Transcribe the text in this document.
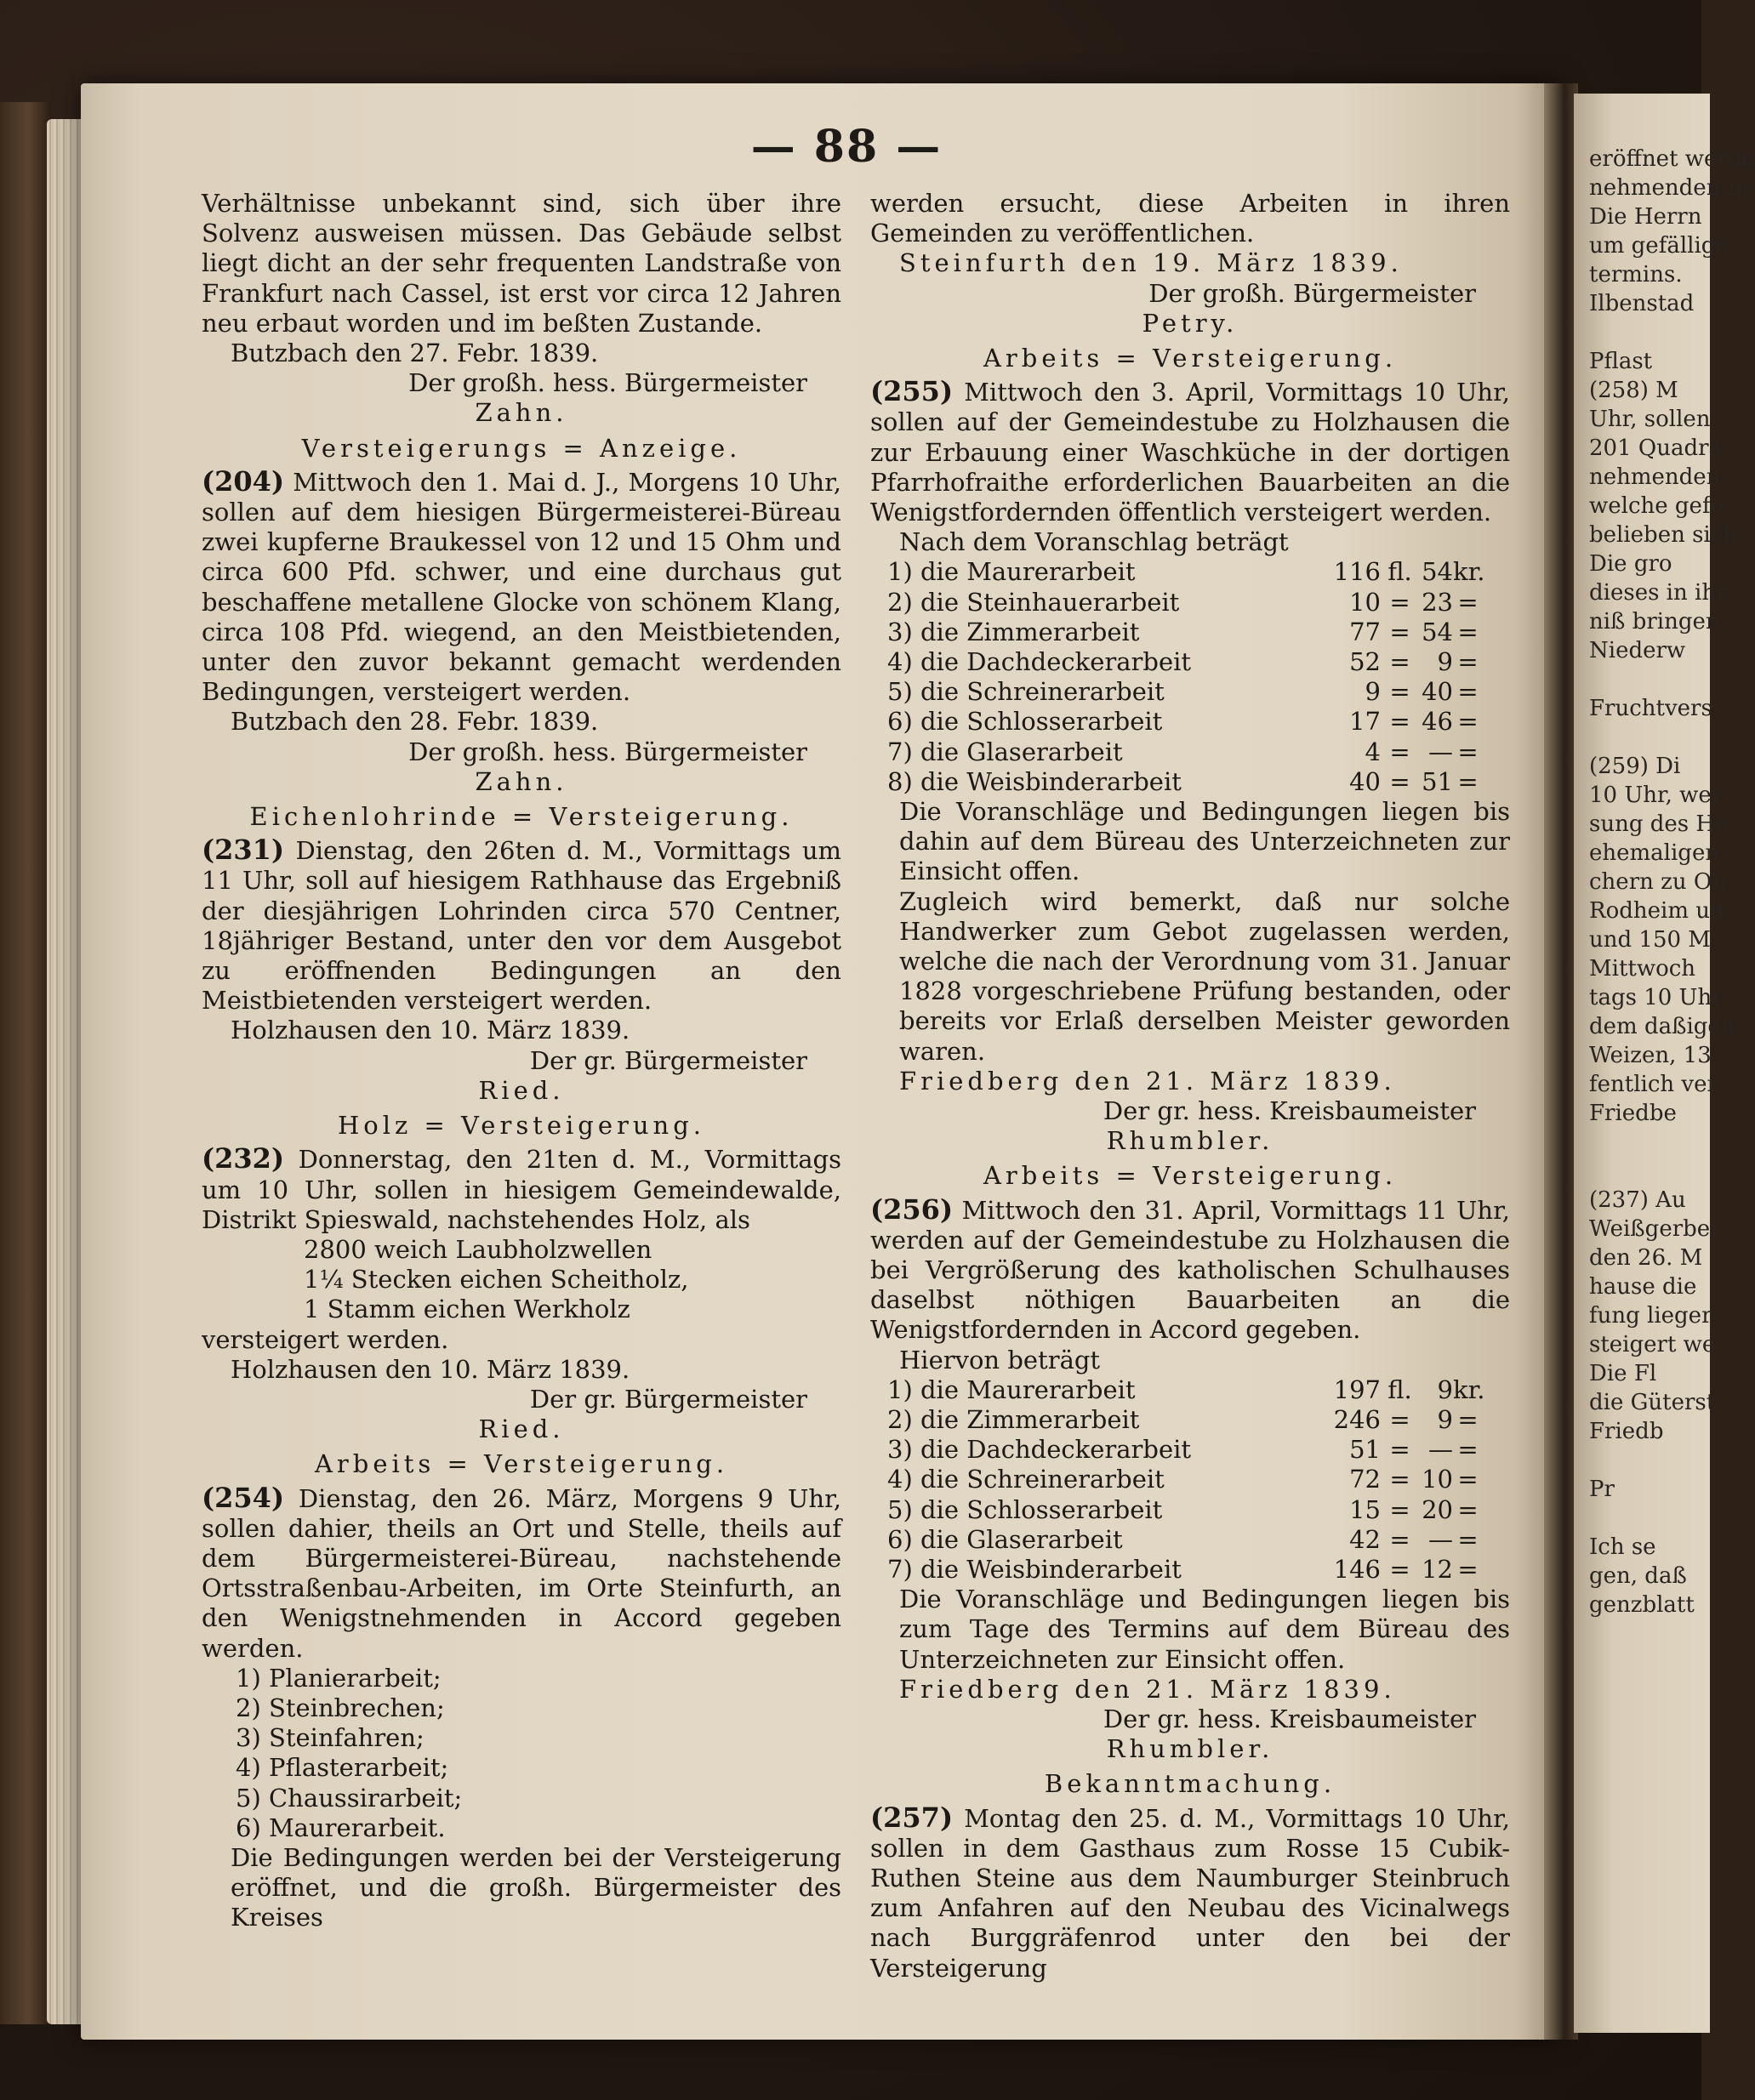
— 88 —

Verhältnisse unbekannt sind, sich über ihre Solvenz ausweisen müssen. Das Gebäude selbst liegt dicht an der sehr frequenten Landstraße von Frankfurt nach Cassel, ist erst vor circa 12 Jahren neu erbaut worden und im beßten Zustande.

Butzbach den 27. Febr. 1839.

Der großh. hess. Bürgermeister

Zahn.

Versteigerungs = Anzeige.

(204) Mittwoch den 1. Mai d. J., Morgens 10 Uhr, sollen auf dem hiesigen Bürgermeisterei-Büreau zwei kupferne Braukessel von 12 und 15 Ohm und circa 600 Pfd. schwer, und eine durchaus gut beschaffene metallene Glocke von schönem Klang, circa 108 Pfd. wiegend, an den Meistbietenden, unter den zuvor bekannt gemacht werdenden Bedingungen, versteigert werden.

Butzbach den 28. Febr. 1839.

Der großh. hess. Bürgermeister

Zahn.

Eichenlohrinde = Versteigerung.

(231) Dienstag, den 26ten d. M., Vormittags um 11 Uhr, soll auf hiesigem Rathhause das Ergebniß der diesjährigen Lohrinden circa 570 Centner, 18jähriger Bestand, unter den vor dem Ausgebot zu eröffnenden Bedingungen an den Meistbietenden versteigert werden.

Holzhausen den 10. März 1839.

Der gr. Bürgermeister

Ried.

Holz = Versteigerung.

(232) Donnerstag, den 21ten d. M., Vormittags um 10 Uhr, sollen in hiesigem Gemeindewalde, Distrikt Spieswald, nachstehendes Holz, als

2800 weich Laubholzwellen
1¼ Stecken eichen Scheitholz,
1 Stamm eichen Werkholz

versteigert werden.

Holzhausen den 10. März 1839.

Der gr. Bürgermeister

Ried.

Arbeits = Versteigerung.

(254) Dienstag, den 26. März, Morgens 9 Uhr, sollen dahier, theils an Ort und Stelle, theils auf dem Bürgermeisterei-Büreau, nachstehende Ortsstraßenbau-Arbeiten, im Orte Steinfurth, an den Wenigstnehmenden in Accord gegeben werden.

1) Planierarbeit;
2) Steinbrechen;
3) Steinfahren;
4) Pflasterarbeit;
5) Chaussirarbeit;
6) Maurerarbeit.

Die Bedingungen werden bei der Versteigerung eröffnet, und die großh. Bürgermeister des Kreises

werden ersucht, diese Arbeiten in ihren Gemeinden zu veröffentlichen.

Steinfurth den 19. März 1839.

Der großh. Bürgermeister

Petry.

Arbeits = Versteigerung.

(255) Mittwoch den 3. April, Vormittags 10 Uhr, sollen auf der Gemeindestube zu Holzhausen die zur Erbauung einer Waschküche in der dortigen Pfarrhofraithe erforderlichen Bauarbeiten an die Wenigstfordernden öffentlich versteigert werden.

Nach dem Voranschlag beträgt

1) die Maurerarbeit	116 fl. 54 kr.
2) die Steinhauerarbeit	10 = 23 =
3) die Zimmerarbeit	77 = 54 =
4) die Dachdeckerarbeit	52 =	9 =
5) die Schreinerarbeit	9 = 40 =
6) die Schlosserarbeit	17 = 46 =
7) die Glaserarbeit	4 = — =
8) die Weisbinderarbeit	40 = 51 =

Die Voranschläge und Bedingungen liegen bis dahin auf dem Büreau des Unterzeichneten zur Einsicht offen.

Zugleich wird bemerkt, daß nur solche Handwerker zum Gebot zugelassen werden, welche die nach der Verordnung vom 31. Januar 1828 vorgeschriebene Prüfung bestanden, oder bereits vor Erlaß derselben Meister geworden waren.

Friedberg den 21. März 1839.

Der gr. hess. Kreisbaumeister

Rhumbler.

Arbeits = Versteigerung.

(256) Mittwoch den 31. April, Vormittags 11 Uhr, werden auf der Gemeindestube zu Holzhausen die bei Vergrößerung des katholischen Schulhauses daselbst nöthigen Bauarbeiten an die Wenigstfordernden in Accord gegeben.

Hiervon beträgt

1) die Maurerarbeit	197 fl.	9 kr.
2) die Zimmerarbeit	246 =	9 =
3) die Dachdeckerarbeit	51 = — =
4) die Schreinerarbeit	72 = 10 =
5) die Schlosserarbeit	15 = 20 =
6) die Glaserarbeit	42 = — =
7) die Weisbinderarbeit	146 = 12 =

Die Voranschläge und Bedingungen liegen bis zum Tage des Termins auf dem Büreau des Unterzeichneten zur Einsicht offen.

Friedberg den 21. März 1839.

Der gr. hess. Kreisbaumeister

Rhumbler.

Bekanntmachung.

(257) Montag den 25. d. M., Vormittags 10 Uhr, sollen in dem Gasthaus zum Rosse 15 Cubik-Ruthen Steine aus dem Naumburger Steinbruch zum Anfahren auf den Neubau des Vicinalwegs nach Burggräfenrod unter den bei der Versteigerung

eröffnet werde
nehmenden in
Die Herrn
um gefällige
termins.
Ilbenstad

Pflast
(258) M
Uhr, sollen
201 Quadra
nehmenden
welche gefo
belieben sich
Die gro
dieses in ihr
niß bringen
Niederw

Fruchtvers

(259) Di
10 Uhr, wer
sung des He
ehemaligen
chern zu Ob
Rodheim un
und 150 M
Mittwoch
tags 10 Uhr
dem daßigen
Weizen, 13
fentlich ver
Friedbe

(237) Au
Weißgerber
den 26. M
hause die
fung lieger
steigert we
Die Fl
die Güterst
Friedb

Pr

Ich se
gen, daß
genzblatt
